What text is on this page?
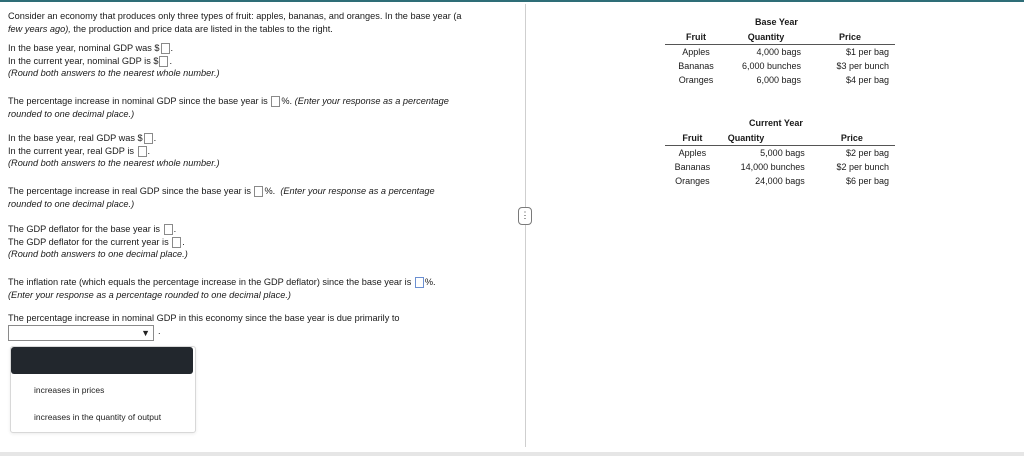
Consider an economy that produces only three types of fruit: apples, bananas, and oranges. In the base year (a
few years ago), the production and price data are listed in the tables to the right.
In the base year, nominal GDP was $ .
In the current year, nominal GDP is $ .
(Round both answers to the nearest whole number.)
The percentage increase in nominal GDP since the base year is %. (Enter your response as a percentage
rounded to one decimal place.)
In the base year, real GDP was $ .
In the current year, real GDP is .
(Round both answers to the nearest whole number.)
The percentage increase in real GDP since the base year is %. (Enter your response as a percentage
rounded to one decimal place.)
The GDP deflator for the base year is .
The GDP deflator for the current year is .
(Round both answers to one decimal place.)
The inflation rate (which equals the percentage increase in the GDP deflator) since the base year is %.
(Enter your response as a percentage rounded to one decimal place.)
The percentage increase in nominal GDP in this economy since the base year is due primarily to
▼ .
increases in prices
increases in the quantity of output
⋮
Base Year
Fruit	Quantity	Price
Apples	4,000 bags	$1 per bag
Bananas	6,000 bunches	$3 per bunch
Oranges	6,000 bags	$4 per bag
Current Year
Fruit	Quantity	Price
Apples	5,000 bags	$2 per bag
Bananas	14,000 bunches	$2 per bunch
Oranges	24,000 bags	$6 per bag
